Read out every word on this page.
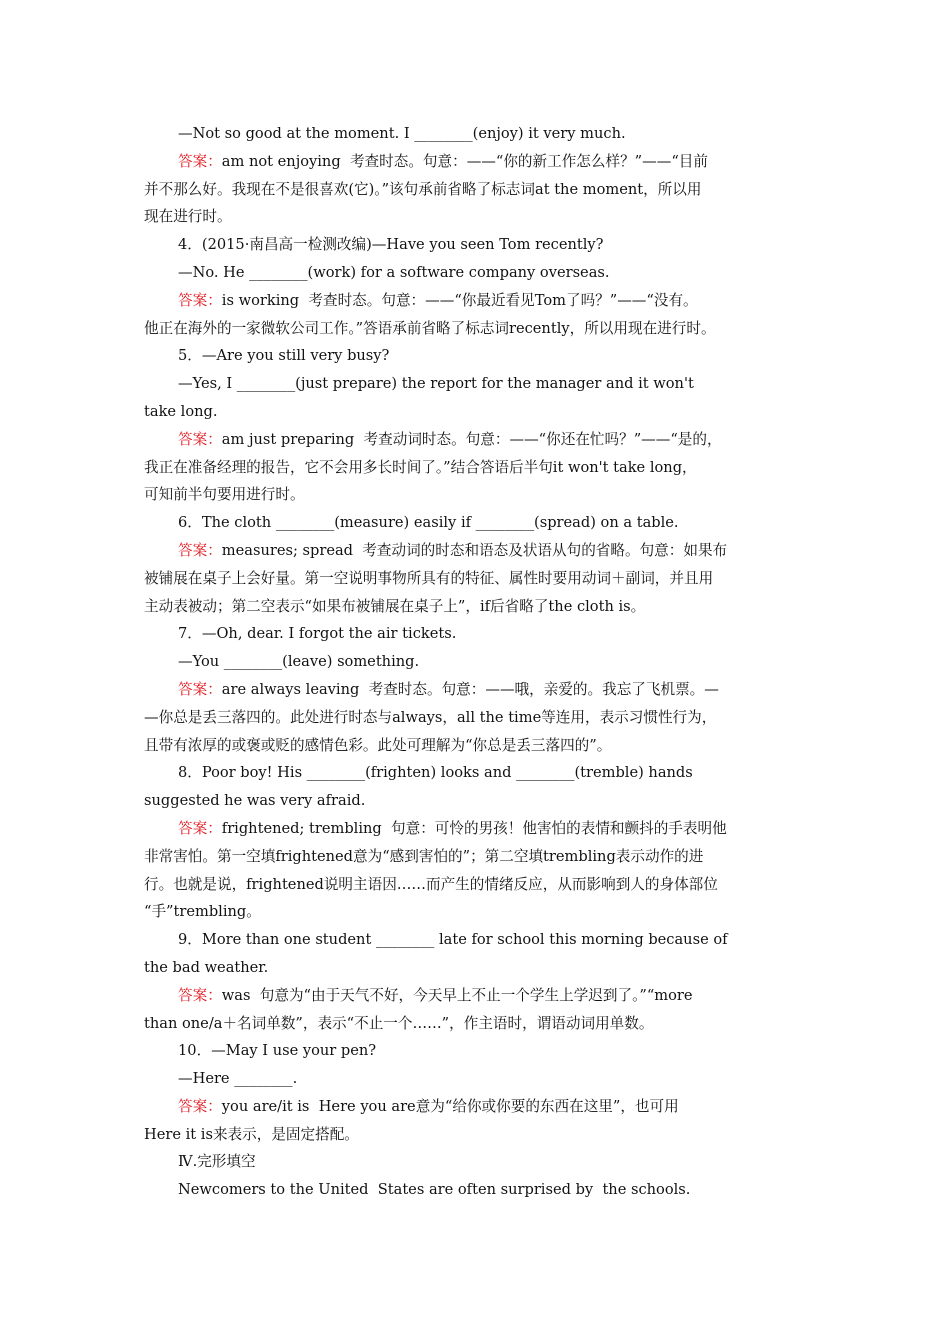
—Not so good at the moment. I ________(enjoy) it very much.
答案：am not enjoying  考查时态。句意：——“你的新工作怎么样？”——“目前
并不那么好。我现在不是很喜欢(它)。”该句承前省略了标志词at the moment，所以用
现在进行时。
4．(2015·南昌高一检测改编)—Have you seen Tom recently?
—No. He ________(work) for a software company overseas.
答案：is working  考查时态。句意：——“你最近看见Tom了吗？”——“没有。
他正在海外的一家微软公司工作。”答语承前省略了标志词recently，所以用现在进行时。
5．—Are you still very busy?
—Yes, I ________(just prepare) the report for the manager and it won't
take long.
答案：am just preparing  考查动词时态。句意：——“你还在忙吗？”——“是的，
我正在准备经理的报告，它不会用多长时间了。”结合答语后半句it won't take long，
可知前半句要用进行时。
6．The cloth ________(measure) easily if ________(spread) on a table.
答案：measures; spread  考查动词的时态和语态及状语从句的省略。句意：如果布
被铺展在桌子上会好量。第一空说明事物所具有的特征、属性时要用动词＋副词，并且用
主动表被动；第二空表示“如果布被铺展在桌子上”，if后省略了the cloth is。
7．—Oh, dear. I forgot the air tickets.
—You ________(leave) something.
答案：are always leaving  考查时态。句意：——哦，亲爱的。我忘了飞机票。—
—你总是丢三落四的。此处进行时态与always，all the time等连用，表示习惯性行为，
且带有浓厚的或褒或贬的感情色彩。此处可理解为“你总是丢三落四的”。
8．Poor boy! His ________(frighten) looks and ________(tremble) hands
suggested he was very afraid.
答案：frightened; trembling  句意：可怜的男孩！他害怕的表情和颤抖的手表明他
非常害怕。第一空填frightened意为“感到害怕的”；第二空填trembling表示动作的进
行。也就是说，frightened说明主语因……而产生的情绪反应，从而影响到人的身体部位
“手”trembling。
9．More than one student ________ late for school this morning because of
the bad weather.
答案：was  句意为“由于天气不好，今天早上不止一个学生上学迟到了。”“more
than one/a＋名词单数”，表示“不止一个……”，作主语时，谓语动词用单数。
10．—May I use your pen?
—Here ________.
答案：you are/it is  Here you are意为“给你或你要的东西在这里”，也可用
Here it is来表示，是固定搭配。
Ⅳ.完形填空
Newcomers to the United  States are often surprised by  the schools.
